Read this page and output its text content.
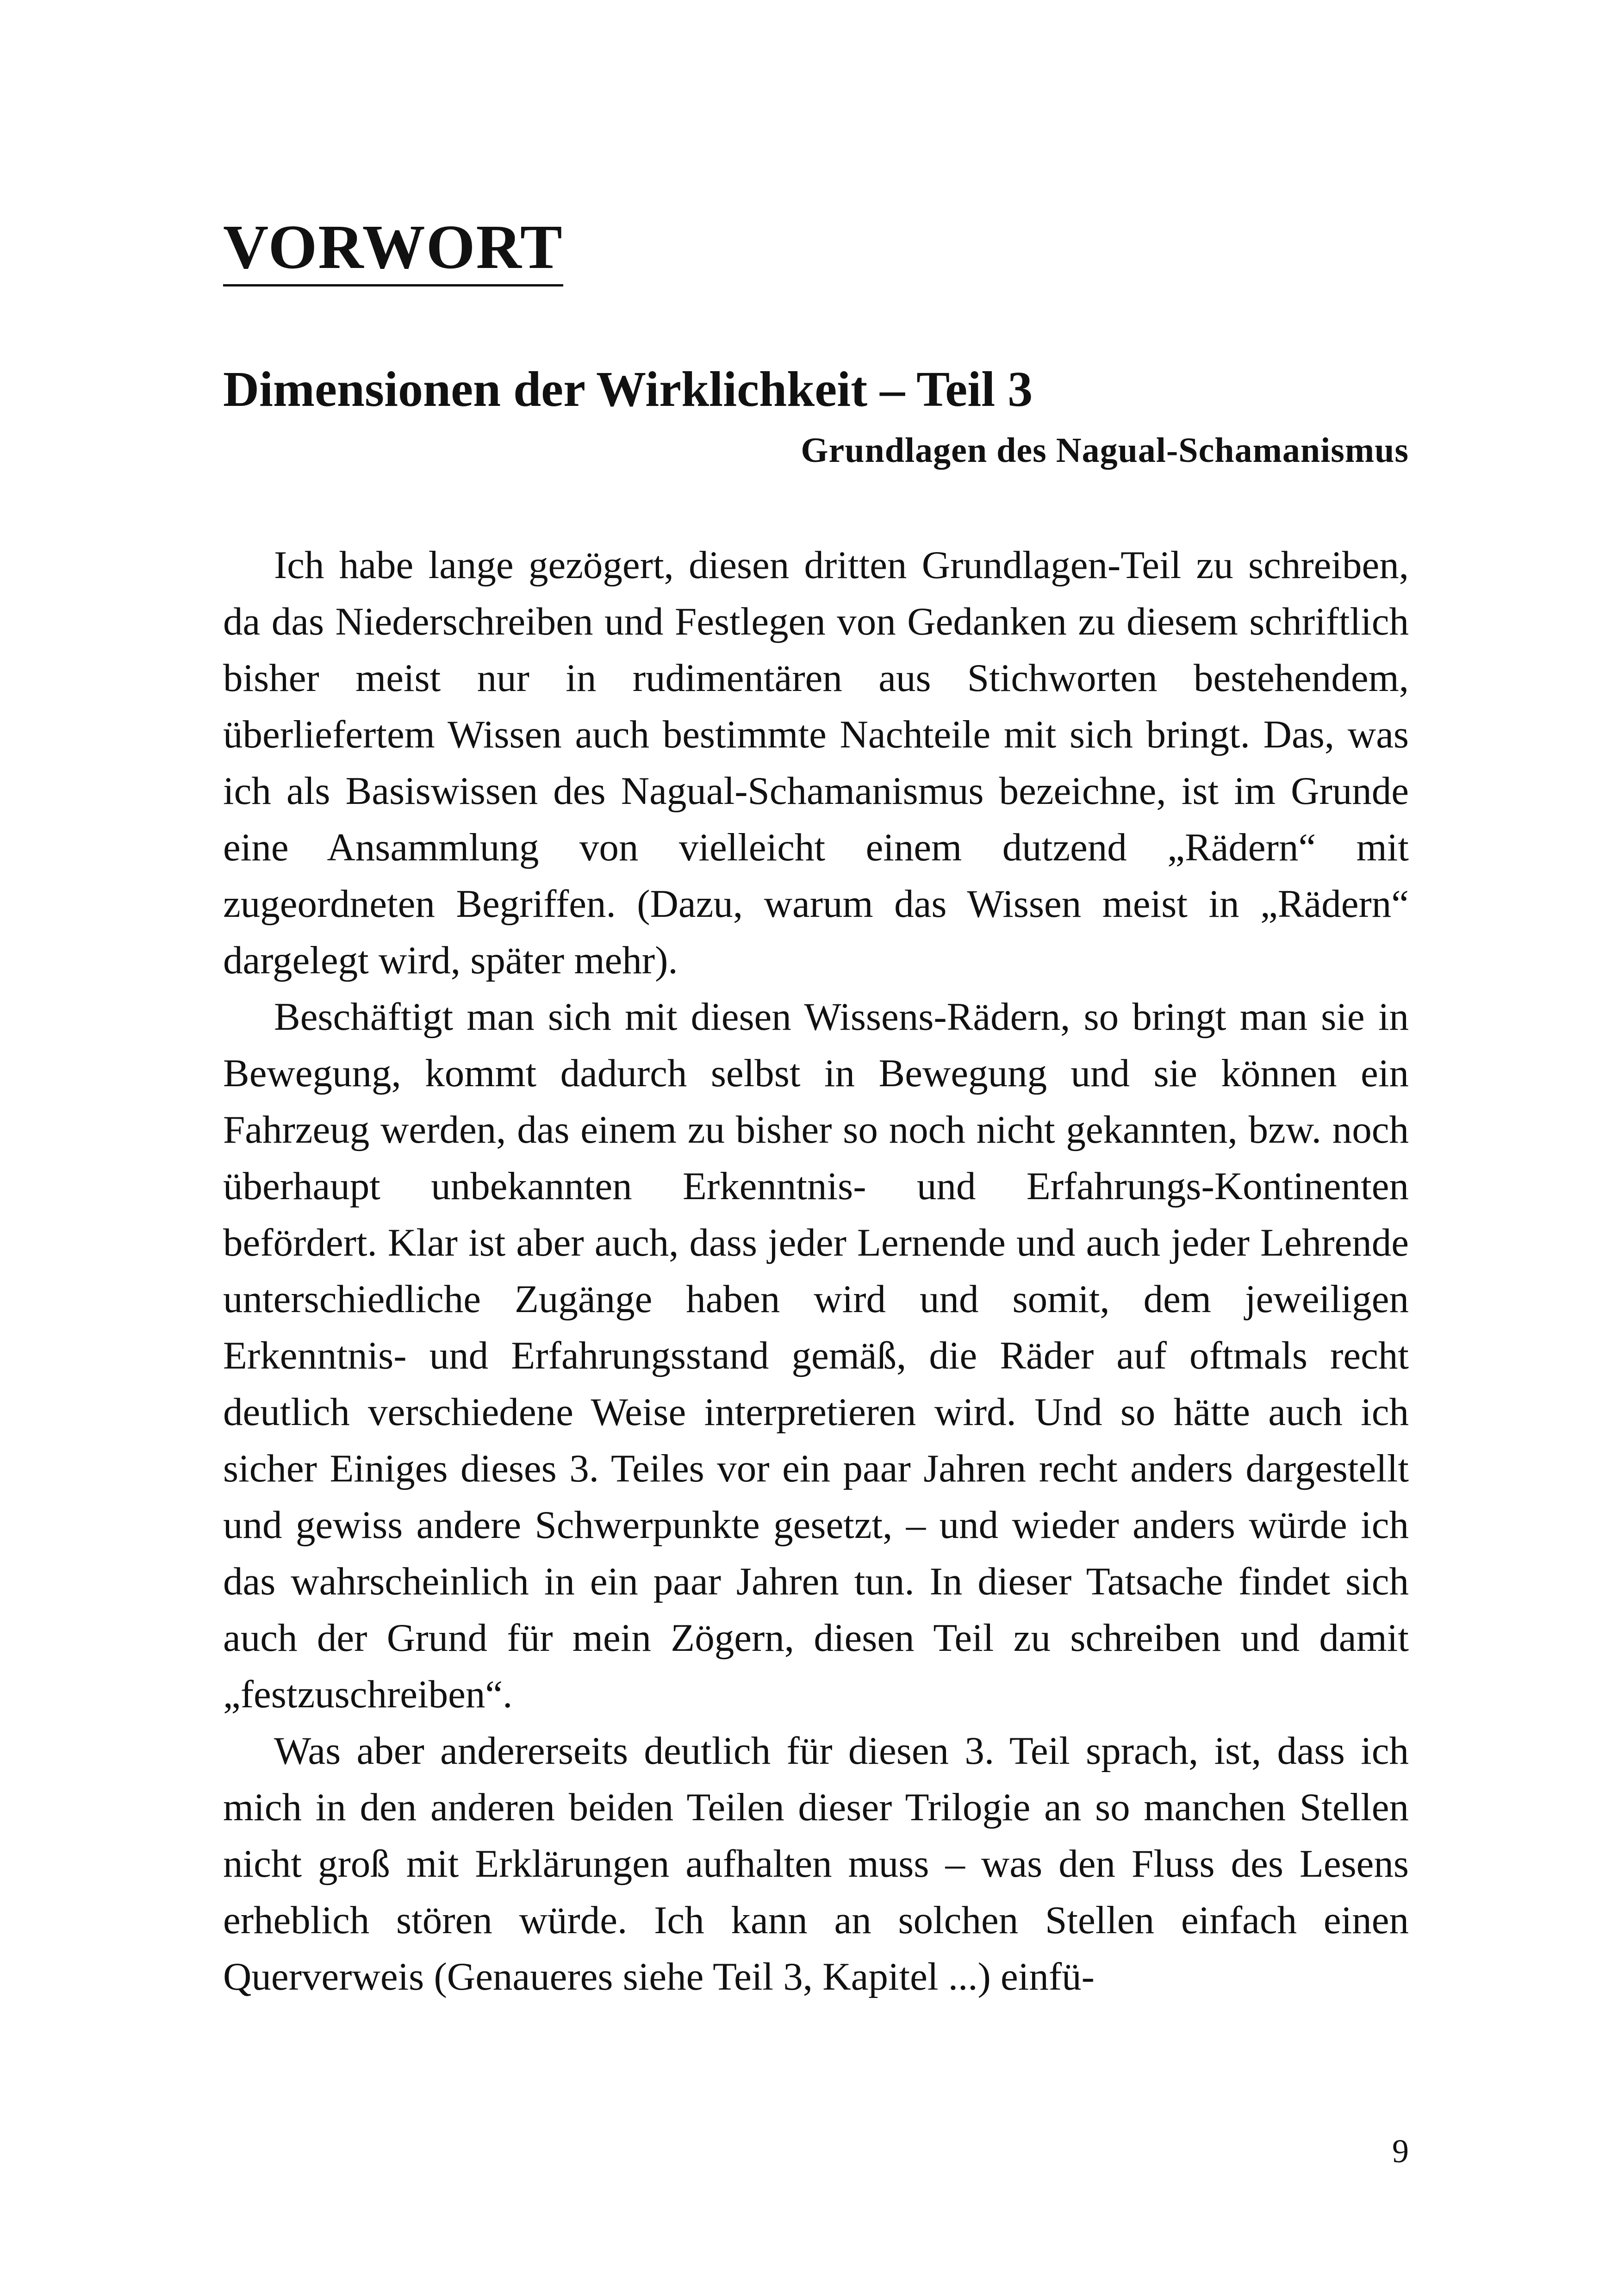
VORWORT
Dimensionen der Wirklichkeit – Teil 3
Grundlagen des Nagual-Schamanismus

Ich habe lange gezögert, diesen dritten Grundlagen-Teil zu schreiben, da das Niederschreiben und Festlegen von Gedanken zu diesem schriftlich bisher meist nur in rudimentären aus Stichworten bestehendem, überliefertem Wissen auch bestimmte Nachteile mit sich bringt. Das, was ich als Basiswissen des Nagual-Schamanismus bezeichne, ist im Grunde eine Ansammlung von vielleicht einem dutzend „Rädern“ mit zugeordneten Begriffen. (Dazu, warum das Wissen meist in „Rädern“ dargelegt wird, später mehr).

Beschäftigt man sich mit diesen Wissens-Rädern, so bringt man sie in Bewegung, kommt dadurch selbst in Bewegung und sie können ein Fahrzeug werden, das einem zu bisher so noch nicht gekannten, bzw. noch überhaupt unbekannten Erkenntnis- und Erfahrungs-Kontinenten befördert. Klar ist aber auch, dass jeder Lernende und auch jeder Lehrende unterschiedliche Zugänge haben wird und somit, dem jeweiligen Erkenntnis- und Erfahrungsstand gemäß, die Räder auf oftmals recht deutlich verschiedene Weise interpretieren wird. Und so hätte auch ich sicher Einiges dieses 3. Teiles vor ein paar Jahren recht anders dargestellt und gewiss andere Schwerpunkte gesetzt, – und wieder anders würde ich das wahrscheinlich in ein paar Jahren tun. In dieser Tatsache findet sich auch der Grund für mein Zögern, diesen Teil zu schreiben und damit „festzuschreiben“.

Was aber andererseits deutlich für diesen 3. Teil sprach, ist, dass ich mich in den anderen beiden Teilen dieser Trilogie an so manchen Stellen nicht groß mit Erklärungen aufhalten muss – was den Fluss des Lesens erheblich stören würde. Ich kann an solchen Stellen einfach einen Querverweis (Genaueres siehe Teil 3, Kapitel ...) einfü-

9
